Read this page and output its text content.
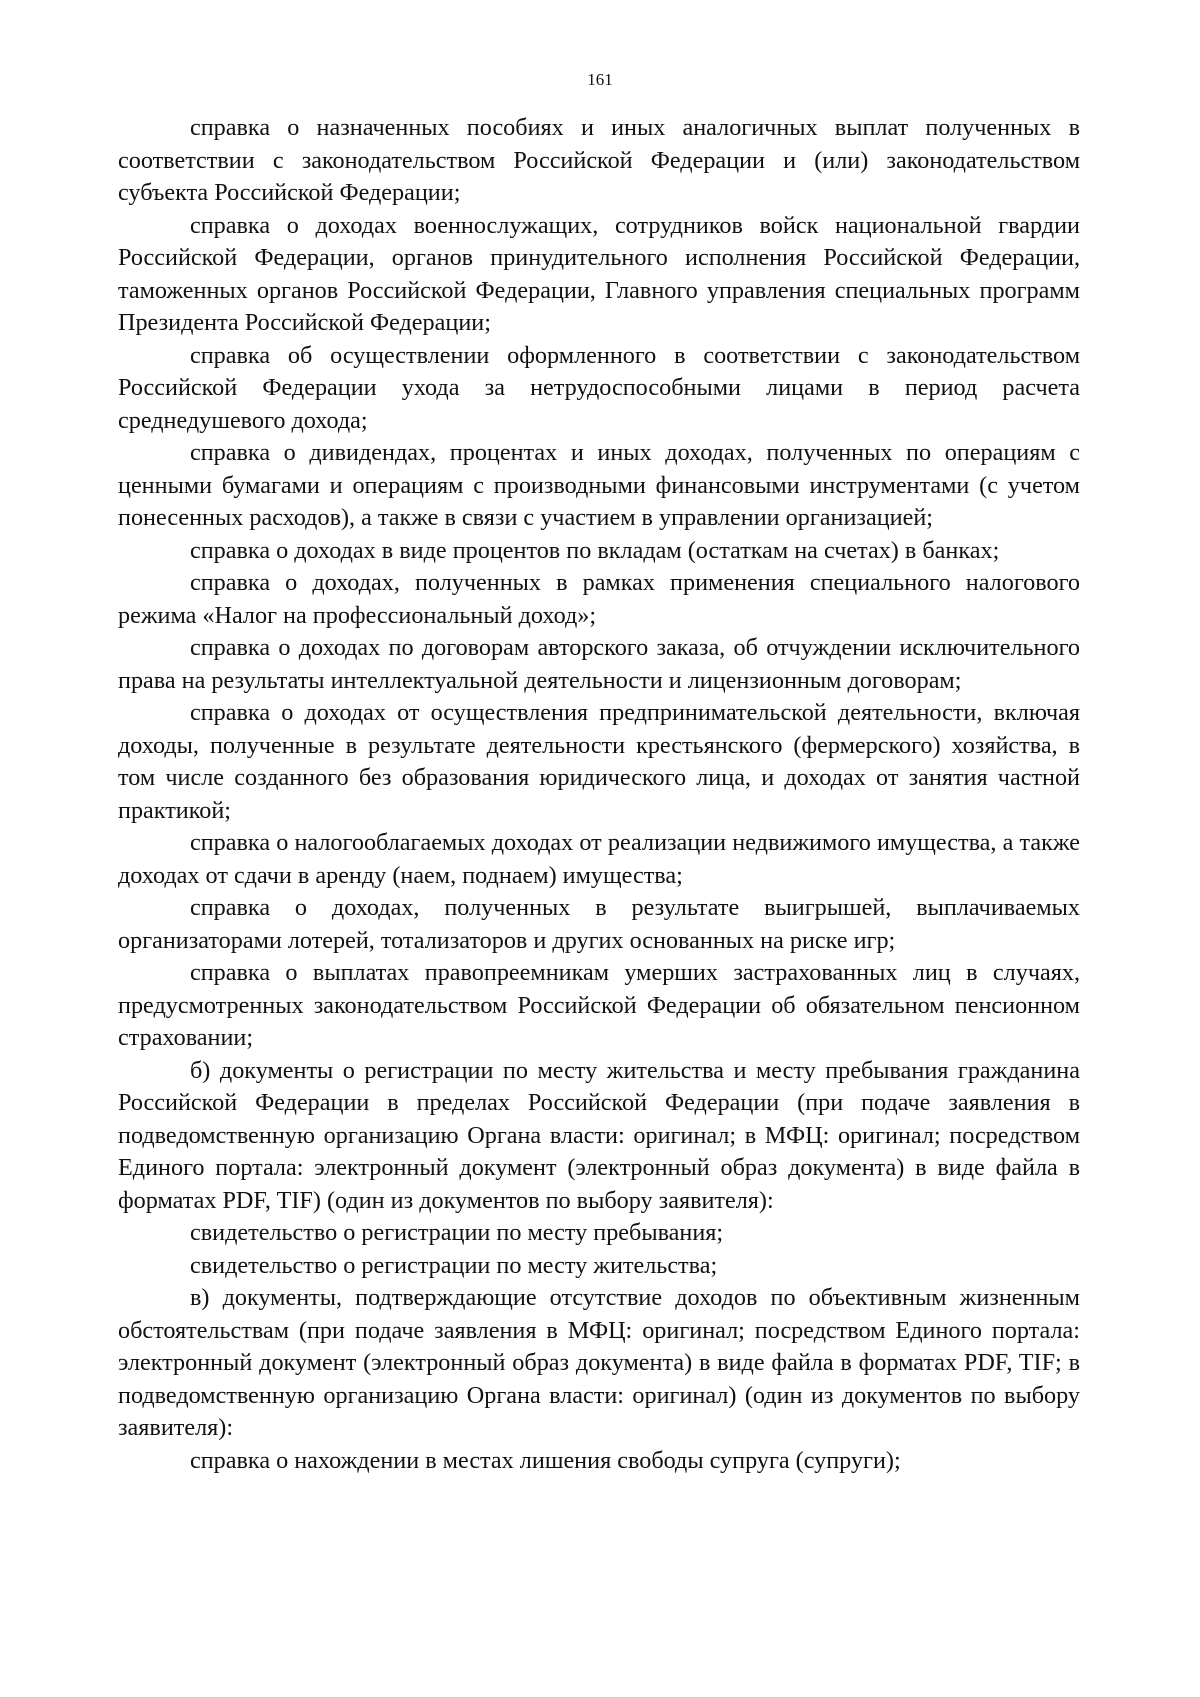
161

справка о назначенных пособиях и иных аналогичных выплат полученных в соответствии с законодательством Российской Федерации и (или) законодательством субъекта Российской Федерации;

справка о доходах военнослужащих, сотрудников войск национальной гвардии Российской Федерации, органов принудительного исполнения Российской Федерации, таможенных органов Российской Федерации, Главного управления специальных программ Президента Российской Федерации;

справка об осуществлении оформленного в соответствии с законодательством Российской Федерации ухода за нетрудоспособными лицами в период расчета среднедушевого дохода;

справка о дивидендах, процентах и иных доходах, полученных по операциям с ценными бумагами и операциям с производными финансовыми инструментами (с учетом понесенных расходов), а также в связи с участием в управлении организацией;

справка о доходах в виде процентов по вкладам (остаткам на счетах) в банках;

справка о доходах, полученных в рамках применения специального налогового режима «Налог на профессиональный доход»;

справка о доходах по договорам авторского заказа, об отчуждении исключительного права на результаты интеллектуальной деятельности и лицензионным договорам;

справка о доходах от осуществления предпринимательской деятельности, включая доходы, полученные в результате деятельности крестьянского (фермерского) хозяйства, в том числе созданного без образования юридического лица, и доходах от занятия частной практикой;

справка о налогооблагаемых доходах от реализации недвижимого имущества, а также доходах от сдачи в аренду (наем, поднаем) имущества;

справка о доходах, полученных в результате выигрышей, выплачиваемых организаторами лотерей, тотализаторов и других основанных на риске игр;

справка о выплатах правопреемникам умерших застрахованных лиц в случаях, предусмотренных законодательством Российской Федерации об обязательном пенсионном страховании;

б) документы о регистрации по месту жительства и месту пребывания гражданина Российской Федерации в пределах Российской Федерации (при подаче заявления в подведомственную организацию Органа власти: оригинал; в МФЦ: оригинал; посредством Единого портала: электронный документ (электронный образ документа) в виде файла в форматах PDF, TIF) (один из документов по выбору заявителя):

свидетельство о регистрации по месту пребывания;

свидетельство о регистрации по месту жительства;

в) документы, подтверждающие отсутствие доходов по объективным жизненным обстоятельствам (при подаче заявления в МФЦ: оригинал; посредством Единого портала: электронный документ (электронный образ документа) в виде файла в форматах PDF, TIF; в подведомственную организацию Органа власти: оригинал) (один из документов по выбору заявителя):

справка о нахождении в местах лишения свободы супруга (супруги);
